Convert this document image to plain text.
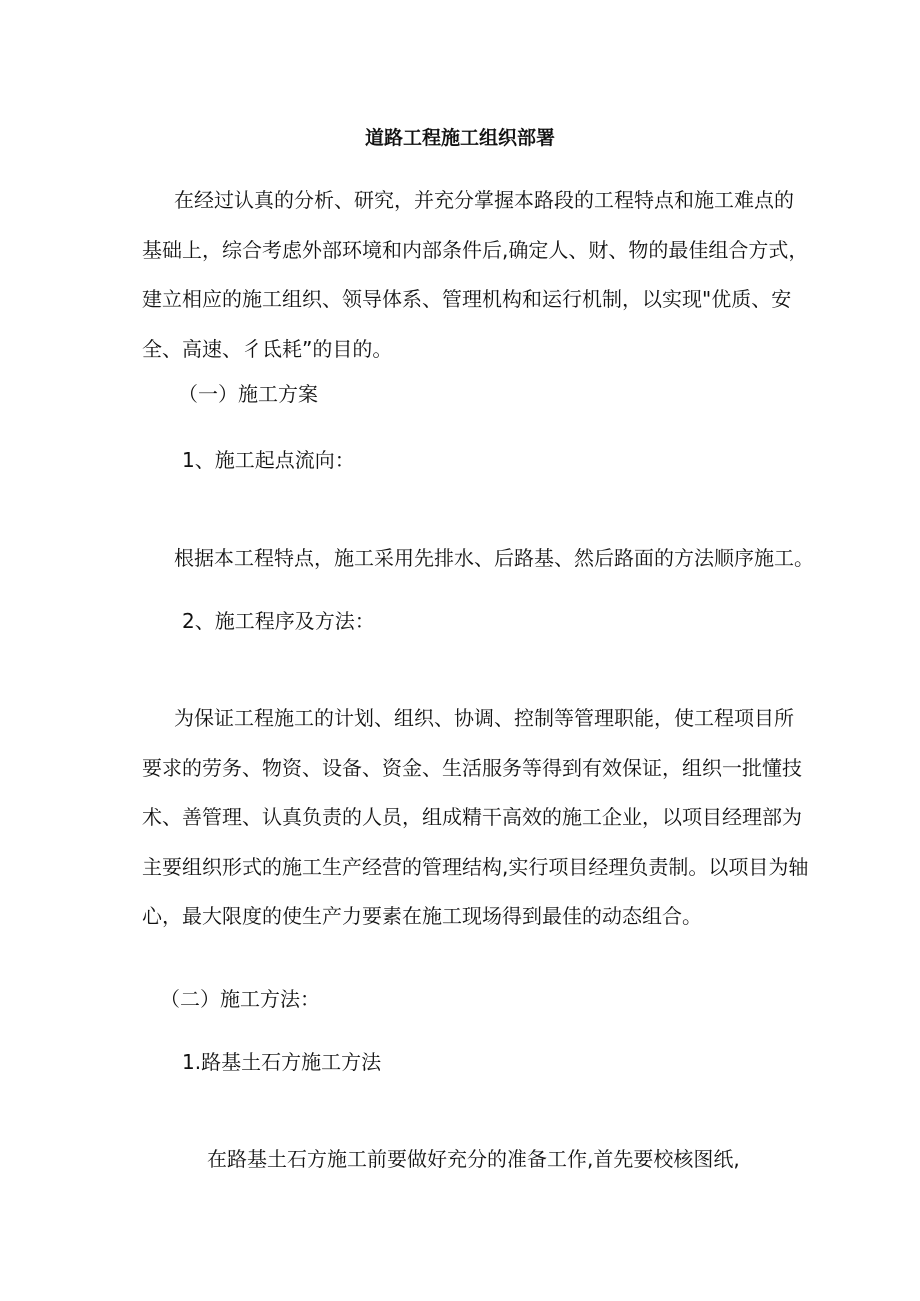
道路工程施工组织部署
在经过认真的分析、研究，并充分掌握本路段的工程特点和施工难点的基础上，综合考虑外部环境和内部条件后,确定人、财、物的最佳组合方式，建立相应的施工组织、领导体系、管理机构和运行机制，以实现"优质、安全、高速、彳氐耗”的目的。
（一）施工方案
1、施工起点流向：
根据本工程特点，施工采用先排水、后路基、然后路面的方法顺序施工。
2、施工程序及方法：
为保证工程施工的计划、组织、协调、控制等管理职能，使工程项目所要求的劳务、物资、设备、资金、生活服务等得到有效保证，组织一批懂技术、善管理、认真负责的人员，组成精干高效的施工企业，以项目经理部为主要组织形式的施工生产经营的管理结构,实行项目经理负责制。以项目为轴心，最大限度的使生产力要素在施工现场得到最佳的动态组合。
（二）施工方法：
1.路基土石方施工方法
在路基土石方施工前要做好充分的准备工作,首先要校核图纸,
